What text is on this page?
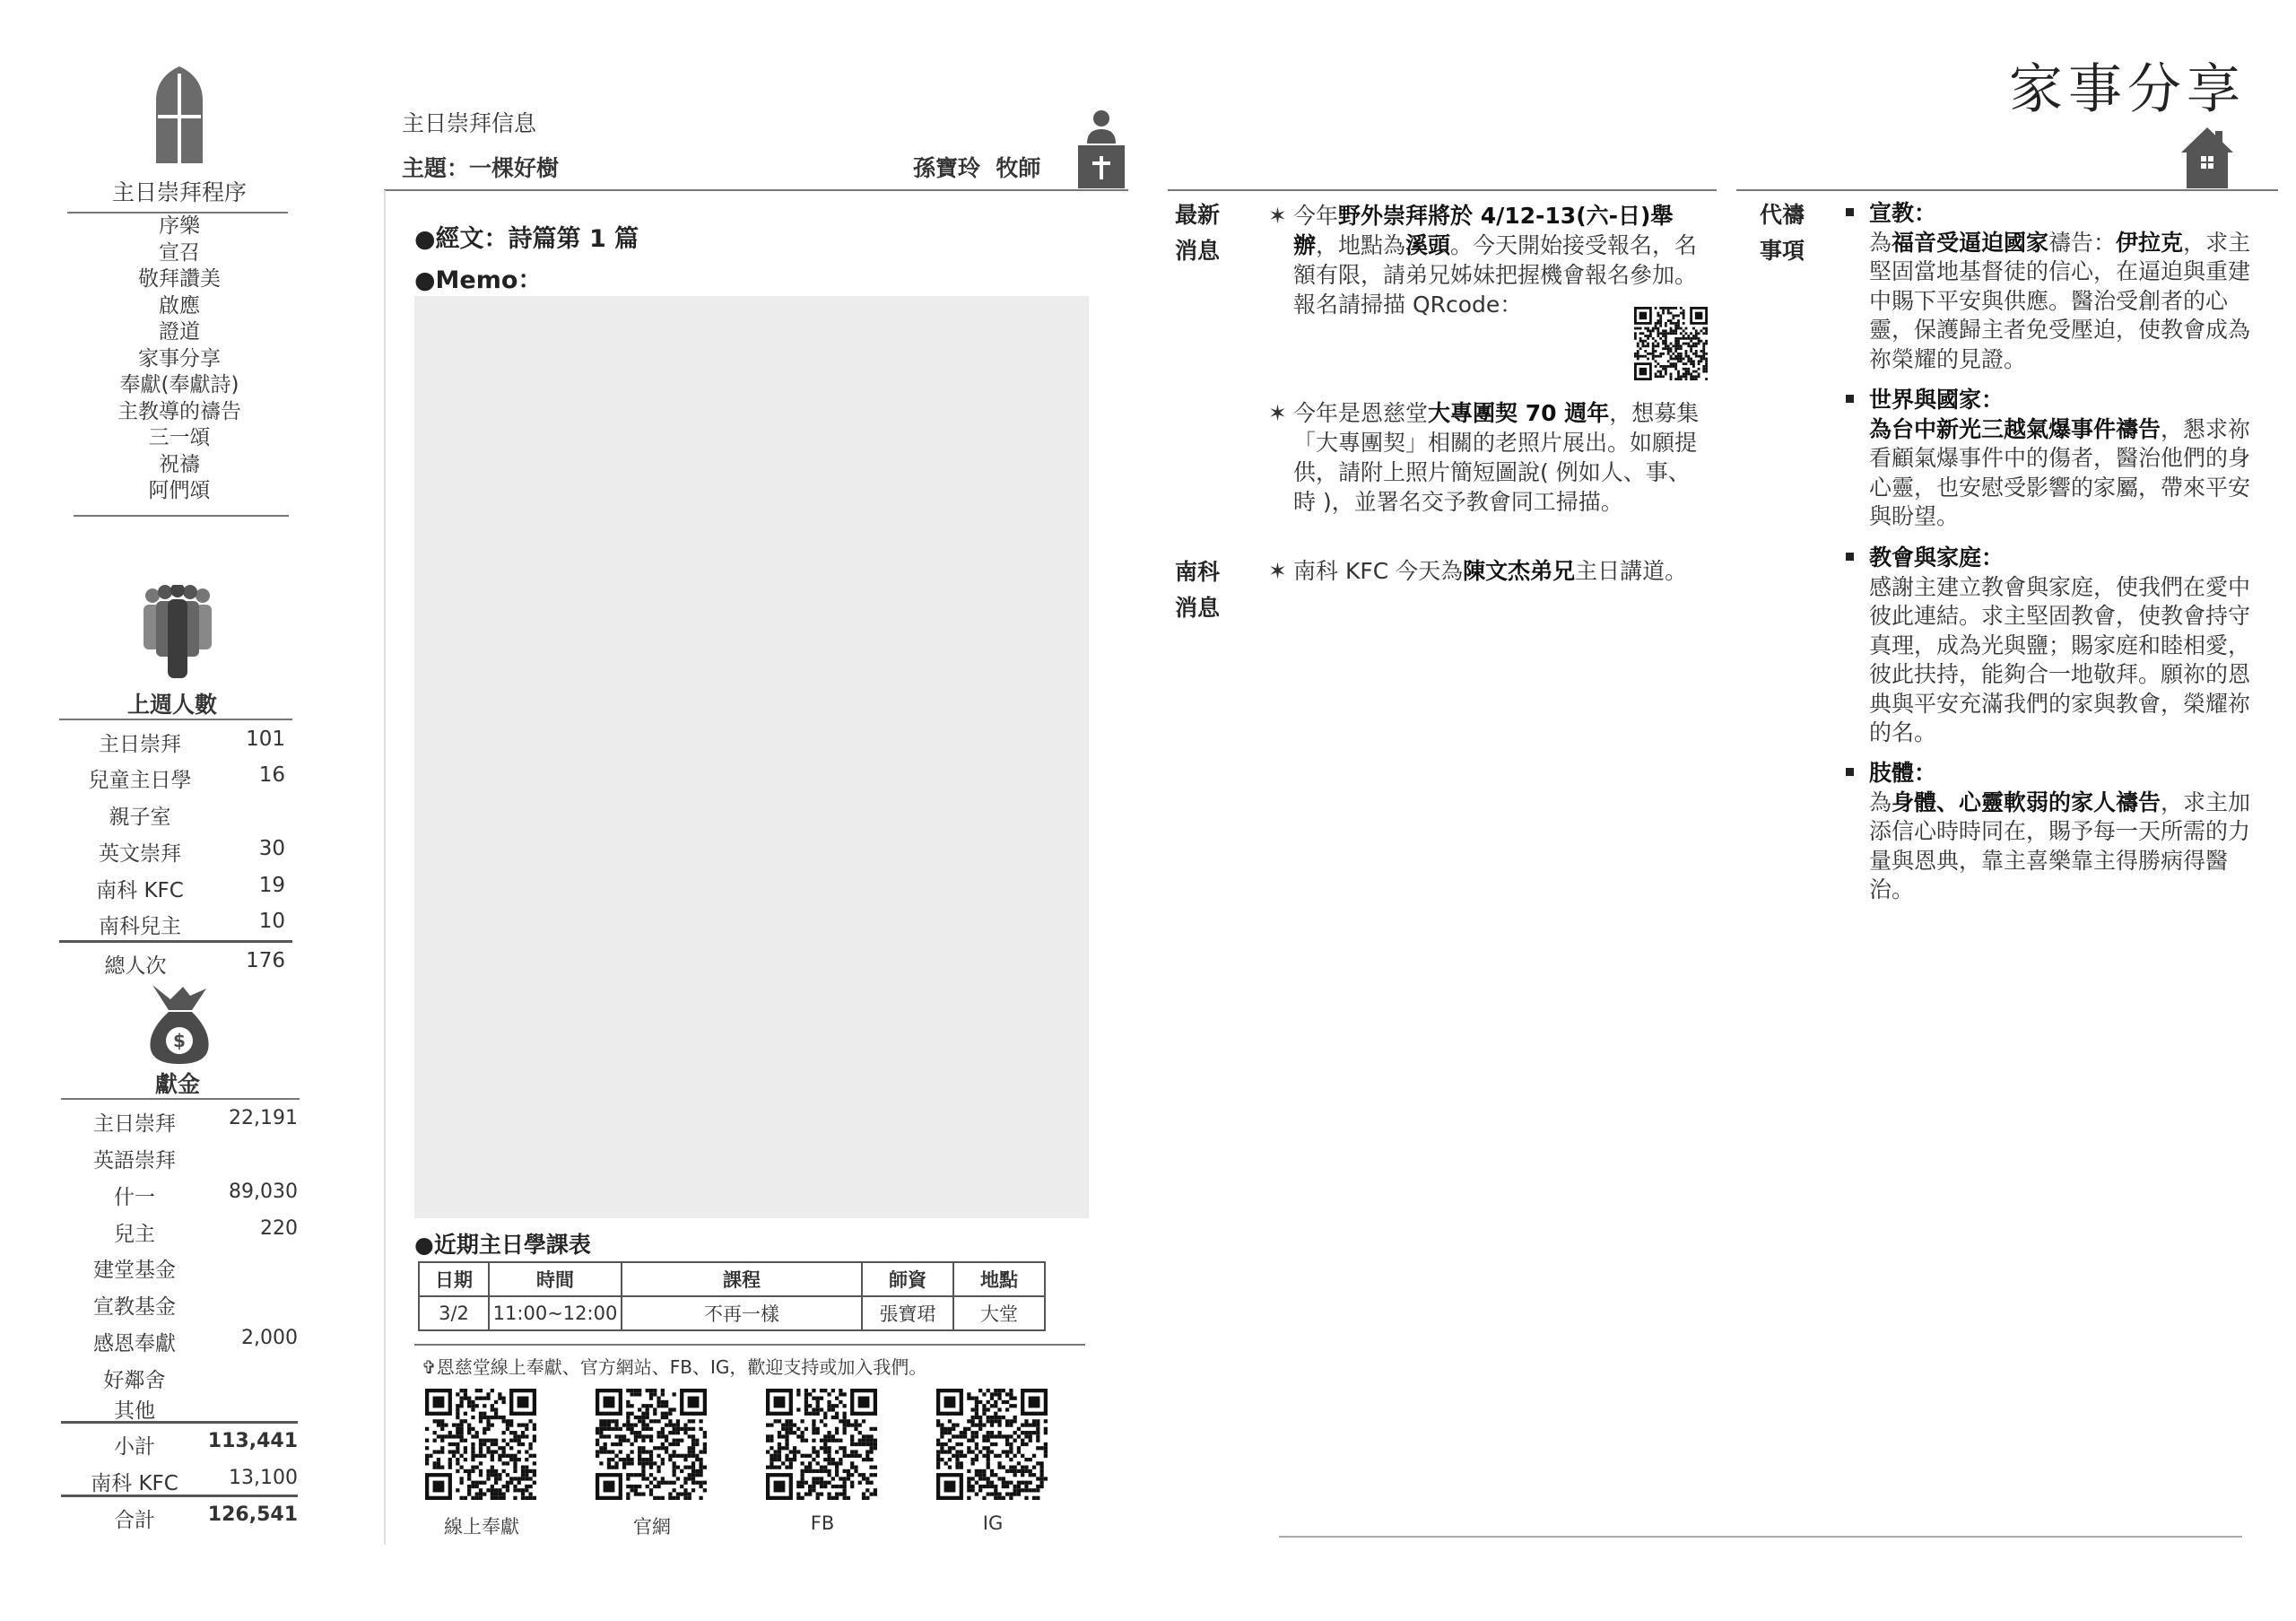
主日崇拜程序
序樂
宣召
敬拜讚美
啟應
證道
家事分享
奉獻(奉獻詩)
主教導的禱告
三一頌
祝禱
阿們頌
上週人數
主日崇拜	101
兒童主日學	16
親子室
英文崇拜	30
南科 KFC	19
南科兒主	10
總人次	176
$
獻金
主日崇拜	22,191
英語崇拜
什一	89,030
兒主	220
建堂基金
宣教基金
感恩奉獻	2,000
好鄰舍
其他
小計	113,441
南科 KFC	13,100
合計	126,541
主日崇拜信息
主題：一棵好樹	孫寶玲  牧師
●經文：詩篇第 1 篇
●Memo：
●近期主日學課表
日期	時間	課程	師資	地點
3/2	11:00~12:00	不再一樣	張寶珺	大堂
✞恩慈堂線上奉獻、官方網站、FB、IG，歡迎支持或加入我們。
線上奉獻	官網	FB	IG
最新
消息
✶ 今年野外崇拜將於 4/12-13(六-日)舉辦，地點為溪頭。今天開始接受報名，名額有限，請弟兄姊妹把握機會報名參加。報名請掃描 QRcode：
✶ 今年是恩慈堂大專團契 70 週年，想募集「大專團契」相關的老照片展出。如願提供，請附上照片簡短圖說( 例如人、事、時 )，並署名交予教會同工掃描。
南科
消息
✶ 南科 KFC 今天為陳文杰弟兄主日講道。
家事分享
代禱
事項
宣教：
為福音受逼迫國家禱告：伊拉克，求主堅固當地基督徒的信心，在逼迫與重建中賜下平安與供應。醫治受創者的心靈，保護歸主者免受壓迫，使教會成為祢榮耀的見證。
世界與國家：
為台中新光三越氣爆事件禱告，懇求祢看顧氣爆事件中的傷者，醫治他們的身心靈，也安慰受影響的家屬，帶來平安與盼望。
教會與家庭：
感謝主建立教會與家庭，使我們在愛中彼此連結。求主堅固教會，使教會持守真理，成為光與鹽；賜家庭和睦相愛，彼此扶持，能夠合一地敬拜。願祢的恩典與平安充滿我們的家與教會，榮耀祢的名。
肢體：
為身體、心靈軟弱的家人禱告，求主加添信心時時同在，賜予每一天所需的力量與恩典，靠主喜樂靠主得勝病得醫治。
